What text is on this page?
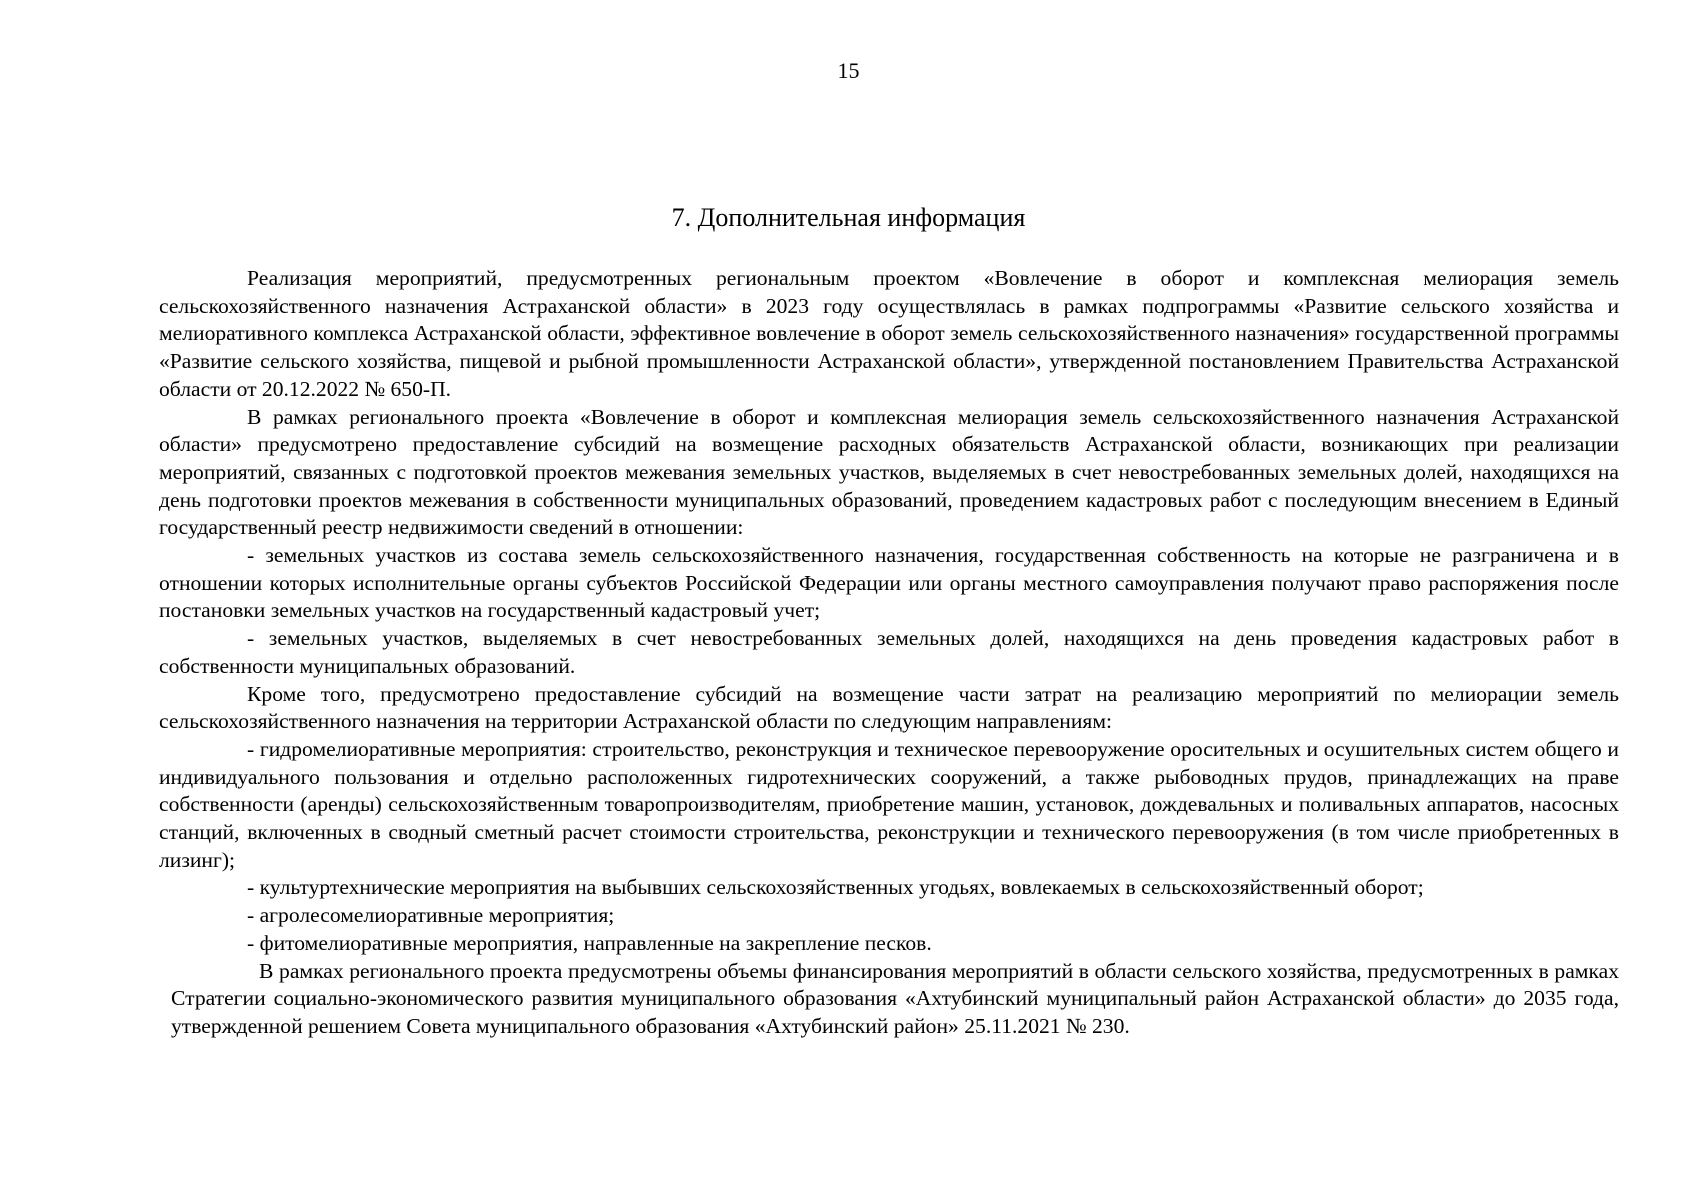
15
7. Дополнительная информация

Реализация мероприятий, предусмотренных региональным проектом «Вовлечение в оборот и комплексная мелиорация земель сельскохозяйственного назначения Астраханской области» в 2023 году осуществлялась в рамках подпрограммы «Развитие сельского хозяйства и мелиоративного комплекса Астраханской области, эффективное вовлечение в оборот земель сельскохозяйственного назначения» государственной программы «Развитие сельского хозяйства, пищевой и рыбной промышленности Астраханской области», утвержденной постановлением Правительства Астраханской области от 20.12.2022 № 650-П.

В рамках регионального проекта «Вовлечение в оборот и комплексная мелиорация земель сельскохозяйственного назначения Астраханской области» предусмотрено предоставление субсидий на возмещение расходных обязательств Астраханской области, возникающих при реализации мероприятий, связанных с подготовкой проектов межевания земельных участков, выделяемых в счет невостребованных земельных долей, находящихся на день подготовки проектов межевания в собственности муниципальных образований, проведением кадастровых работ с последующим внесением в Единый государственный реестр недвижимости сведений в отношении:

- земельных участков из состава земель сельскохозяйственного назначения, государственная собственность на которые не разграничена и в отношении которых исполнительные органы субъектов Российской Федерации или органы местного самоуправления получают право распоряжения после постановки земельных участков на государственный кадастровый учет;

- земельных участков, выделяемых в счет невостребованных земельных долей, находящихся на день проведения кадастровых работ в собственности муниципальных образований.

Кроме того, предусмотрено предоставление субсидий на возмещение части затрат на реализацию мероприятий по мелиорации земель сельскохозяйственного назначения на территории Астраханской области по следующим направлениям:

- гидромелиоративные мероприятия: строительство, реконструкция и техническое перевооружение оросительных и осушительных систем общего и индивидуального пользования и отдельно расположенных гидротехнических сооружений, а также рыбоводных прудов, принадлежащих на праве собственности (аренды) сельскохозяйственным товаропроизводителям, приобретение машин, установок, дождевальных и поливальных аппаратов, насосных станций, включенных в сводный сметный расчет стоимости строительства, реконструкции и технического перевооружения (в том числе приобретенных в лизинг);

- культуртехнические мероприятия на выбывших сельскохозяйственных угодьях, вовлекаемых в сельскохозяйственный оборот;

- агролесомелиоративные мероприятия;

- фитомелиоративные мероприятия, направленные на закрепление песков.

В рамках регионального проекта предусмотрены объемы финансирования мероприятий в области сельского хозяйства, предусмотренных в рамках Стратегии социально-экономического развития муниципального образования «Ахтубинский муниципальный район Астраханской области» до 2035 года, утвержденной решением Совета муниципального образования «Ахтубинский район» 25.11.2021 № 230.
